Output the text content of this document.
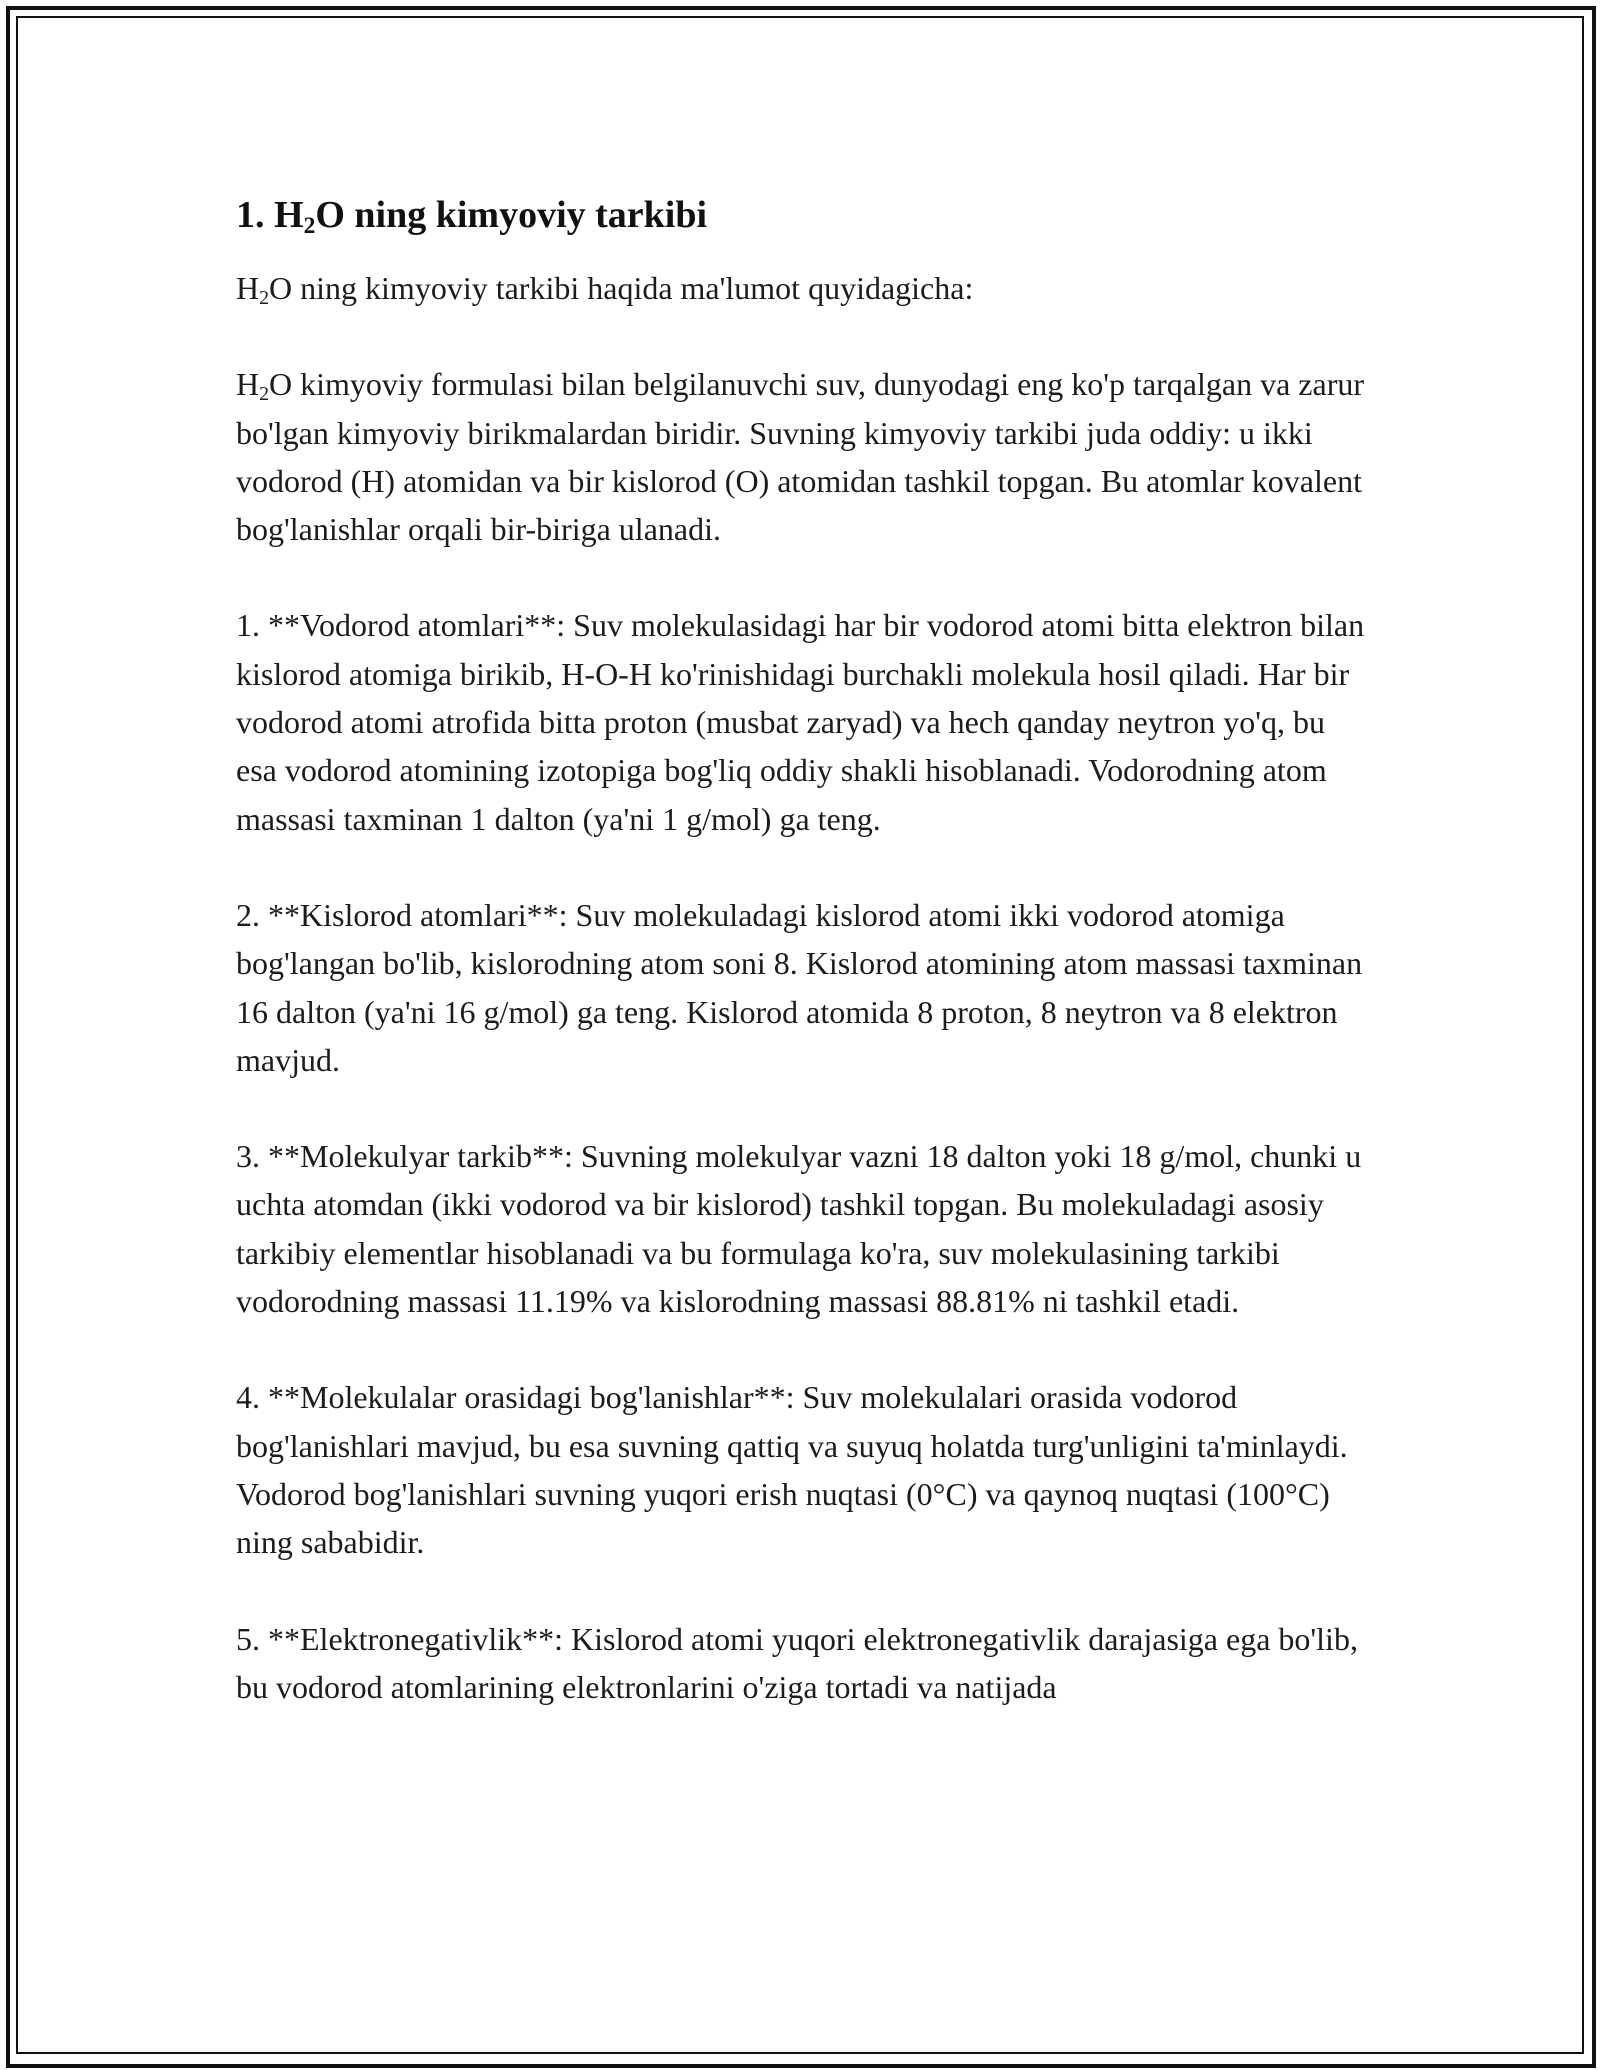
1. $H_2O$ ning kimyoviy tarkibi

$H_2O$ ning kimyoviy tarkibi haqida ma'lumot quyidagicha:

$H_2O$ kimyoviy formulasi bilan belgilanuvchi suv, dunyodagi eng ko'p tarqalgan va zarur bo'lgan kimyoviy birikmalardan biridir. Suvning kimyoviy tarkibi juda oddiy: u ikki vodorod (H) atomidan va bir kislorod (O) atomidan tashkil topgan. Bu atomlar kovalent bog'lanishlar orqali bir-biriga ulanadi.

1. **Vodorod atomlari**: Suv molekulasidagi har bir vodorod atomi bitta elektron bilan kislorod atomiga birikib, H-O-H ko'rinishidagi burchakli molekula hosil qiladi. Har bir vodorod atomi atrofida bitta proton (musbat zaryad) va hech qanday neytron yo'q, bu esa vodorod atomining izotopiga bog'liq oddiy shakli hisoblanadi. Vodorodning atom massasi taxminan 1 dalton (ya'ni 1 g/mol) ga teng.

2. **Kislorod atomlari**: Suv molekuladagi kislorod atomi ikki vodorod atomiga bog'langan bo'lib, kislorodning atom soni 8. Kislorod atomining atom massasi taxminan 16 dalton (ya'ni 16 g/mol) ga teng. Kislorod atomida 8 proton, 8 neytron va 8 elektron mavjud.

3. **Molekulyar tarkib**: Suvning molekulyar vazni 18 dalton yoki 18 g/mol, chunki u uchta atomdan (ikki vodorod va bir kislorod) tashkil topgan. Bu molekuladagi asosiy tarkibiy elementlar hisoblanadi va bu formulaga ko'ra, suv molekulasining tarkibi vodorodning massasi 11.19% va kislorodning massasi 88.81% ni tashkil etadi.

4. **Molekulalar orasidagi bog'lanishlar**: Suv molekulalari orasida vodorod bog'lanishlari mavjud, bu esa suvning qattiq va suyuq holatda turg'unligini ta'minlaydi. Vodorod bog'lanishlari suvning yuqori erish nuqtasi (0°C) va qaynoq nuqtasi (100°C) ning sababidir.

5. **Elektronegativlik**: Kislorod atomi yuqori elektronegativlik darajasiga ega bo'lib, bu vodorod atomlarining elektronlarini o'ziga tortadi va natijada
